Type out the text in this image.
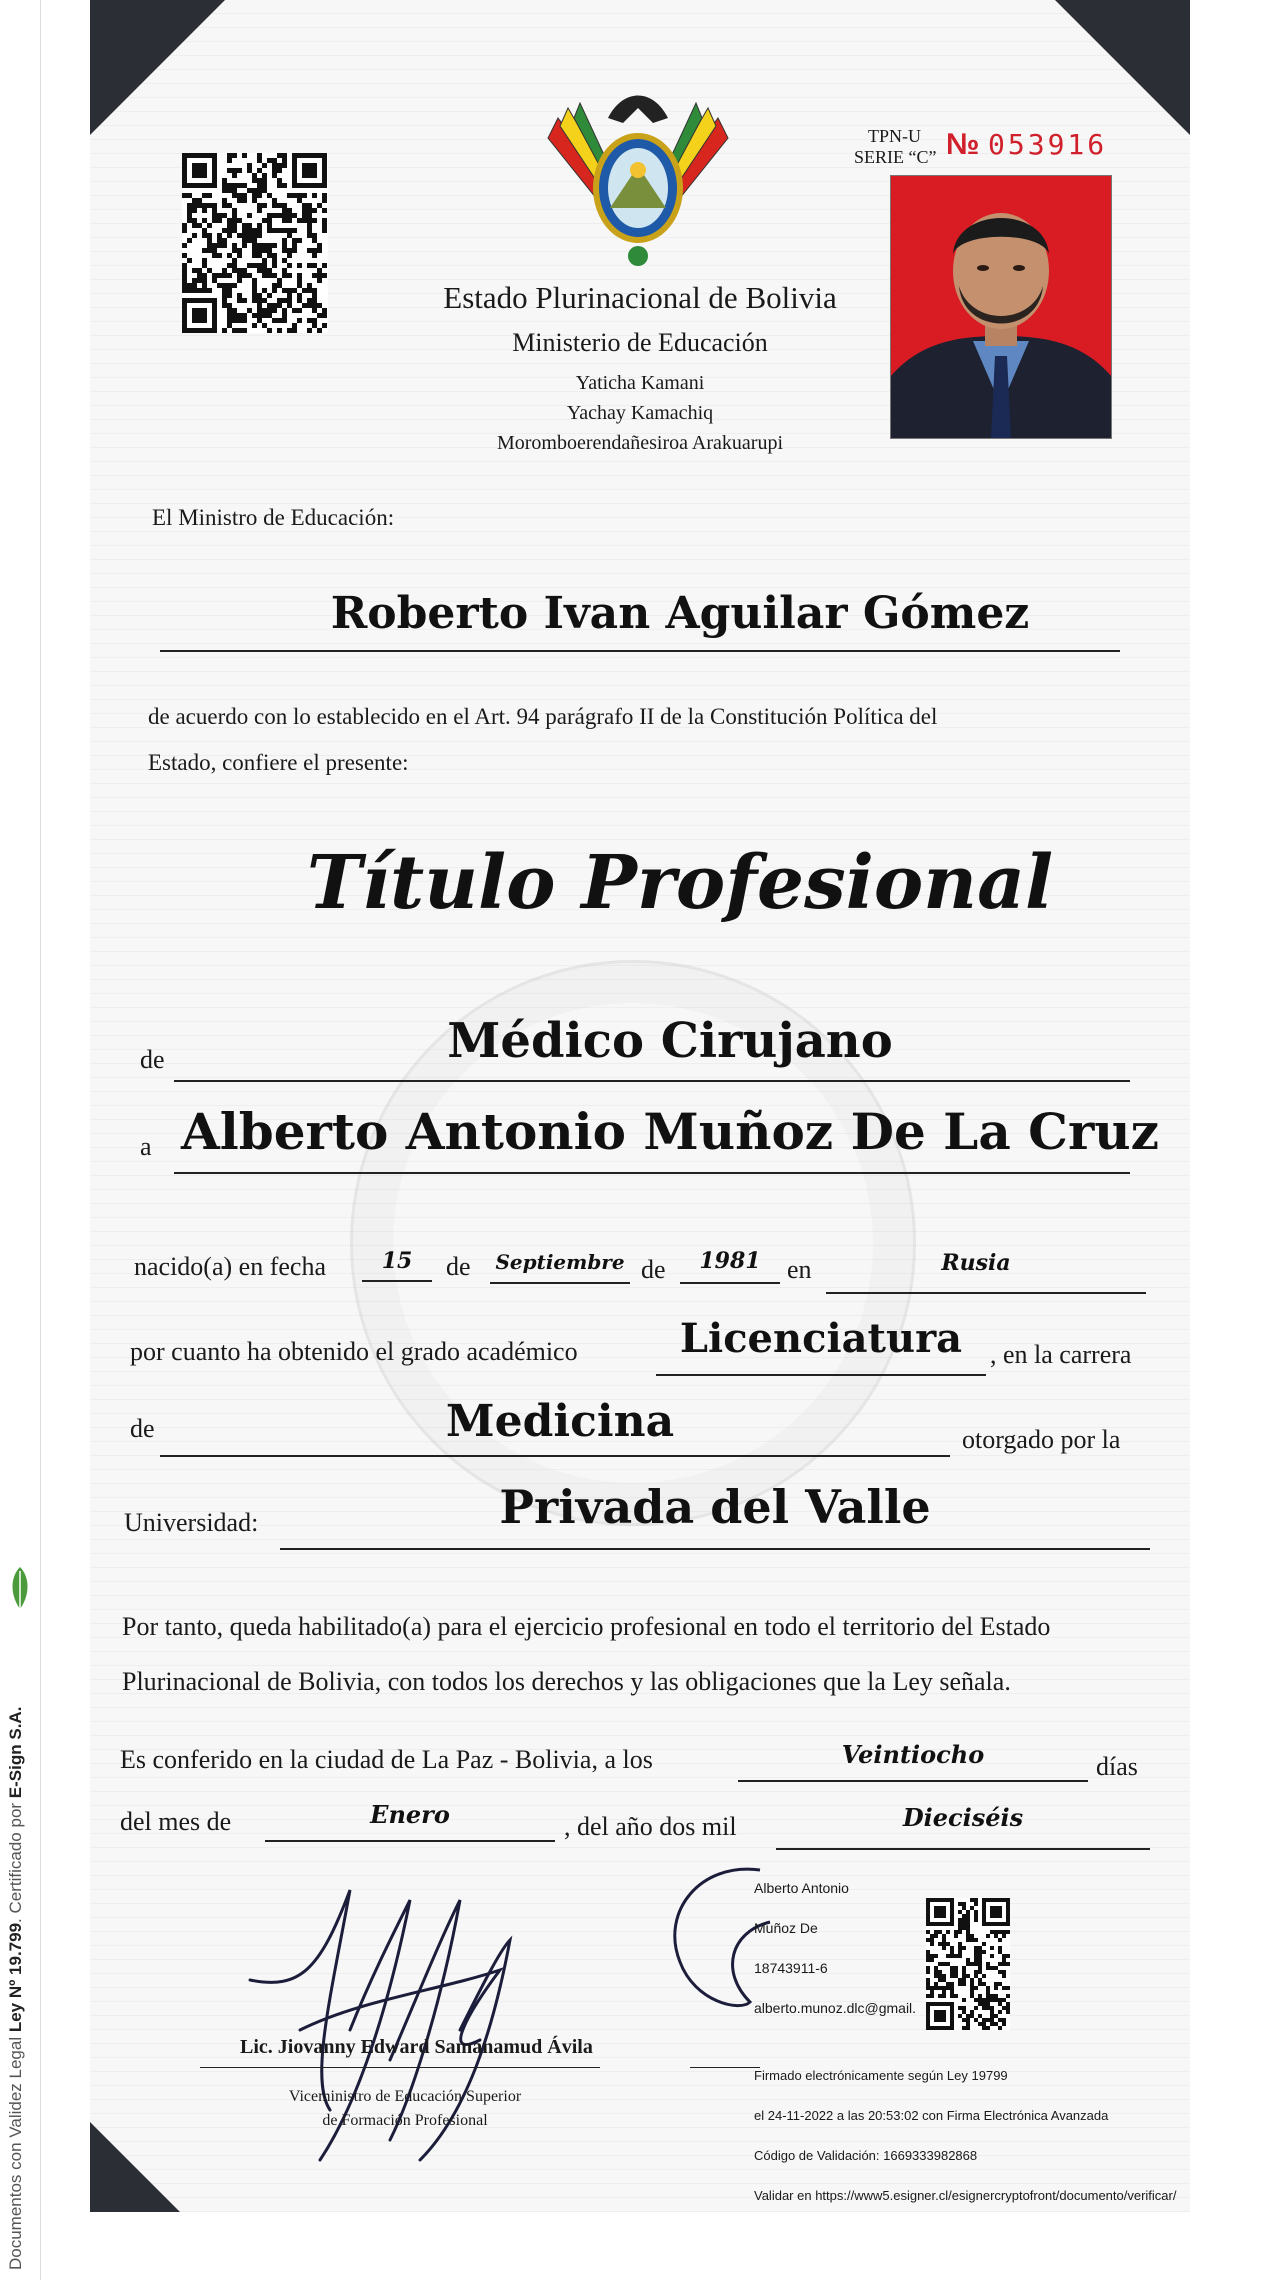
Documentos con Validez Legal Ley Nº 19.799. Certificado por E-Sign S.A.
Estado Plurinacional de Bolivia
Ministerio de Educación
Yaticha Kamani
Yachay Kamachiq
Moromboerendañesiroa Arakuarupi
TPN-U
SERIE “C” № 053916
El Ministro de Educación:
Roberto Ivan Aguilar Gómez
de acuerdo con lo establecido en el Art. 94 parágrafo II de la Constitución Política del
Estado, confiere el presente:
Título Profesional
de	Médico Cirujano
a Alberto Antonio Muñoz De La Cruz
nacido(a) en fecha	15	de Septiembre de	1981	en	Rusia
por cuanto ha obtenido el grado académico	Licenciatura	, en la carrera
de	Medicina	otorgado por la
Universidad:	Privada del Valle
Por tanto, queda habilitado(a) para el ejercicio profesional en todo el territorio del Estado
Plurinacional de Bolivia, con todos los derechos y las obligaciones que la Ley señala.
Es conferido en la ciudad de La Paz - Bolivia, a los	Veintiocho	días
del mes de	Enero	, del año dos mil	Dieciséis
Lic. Jiovanny Edward Samanamud Ávila
Viceministro de Educación Superior
de Formación Profesional
Alberto Antonio
Muñoz De
18743911-6
alberto.munoz.dlc@gmail.
Firmado electrónicamente según Ley 19799
el 24-11-2022 a las 20:53:02 con Firma Electrónica Avanzada
Código de Validación: 1669333982868
Validar en https://www5.esigner.cl/esignercryptofront/documento/verificar/
